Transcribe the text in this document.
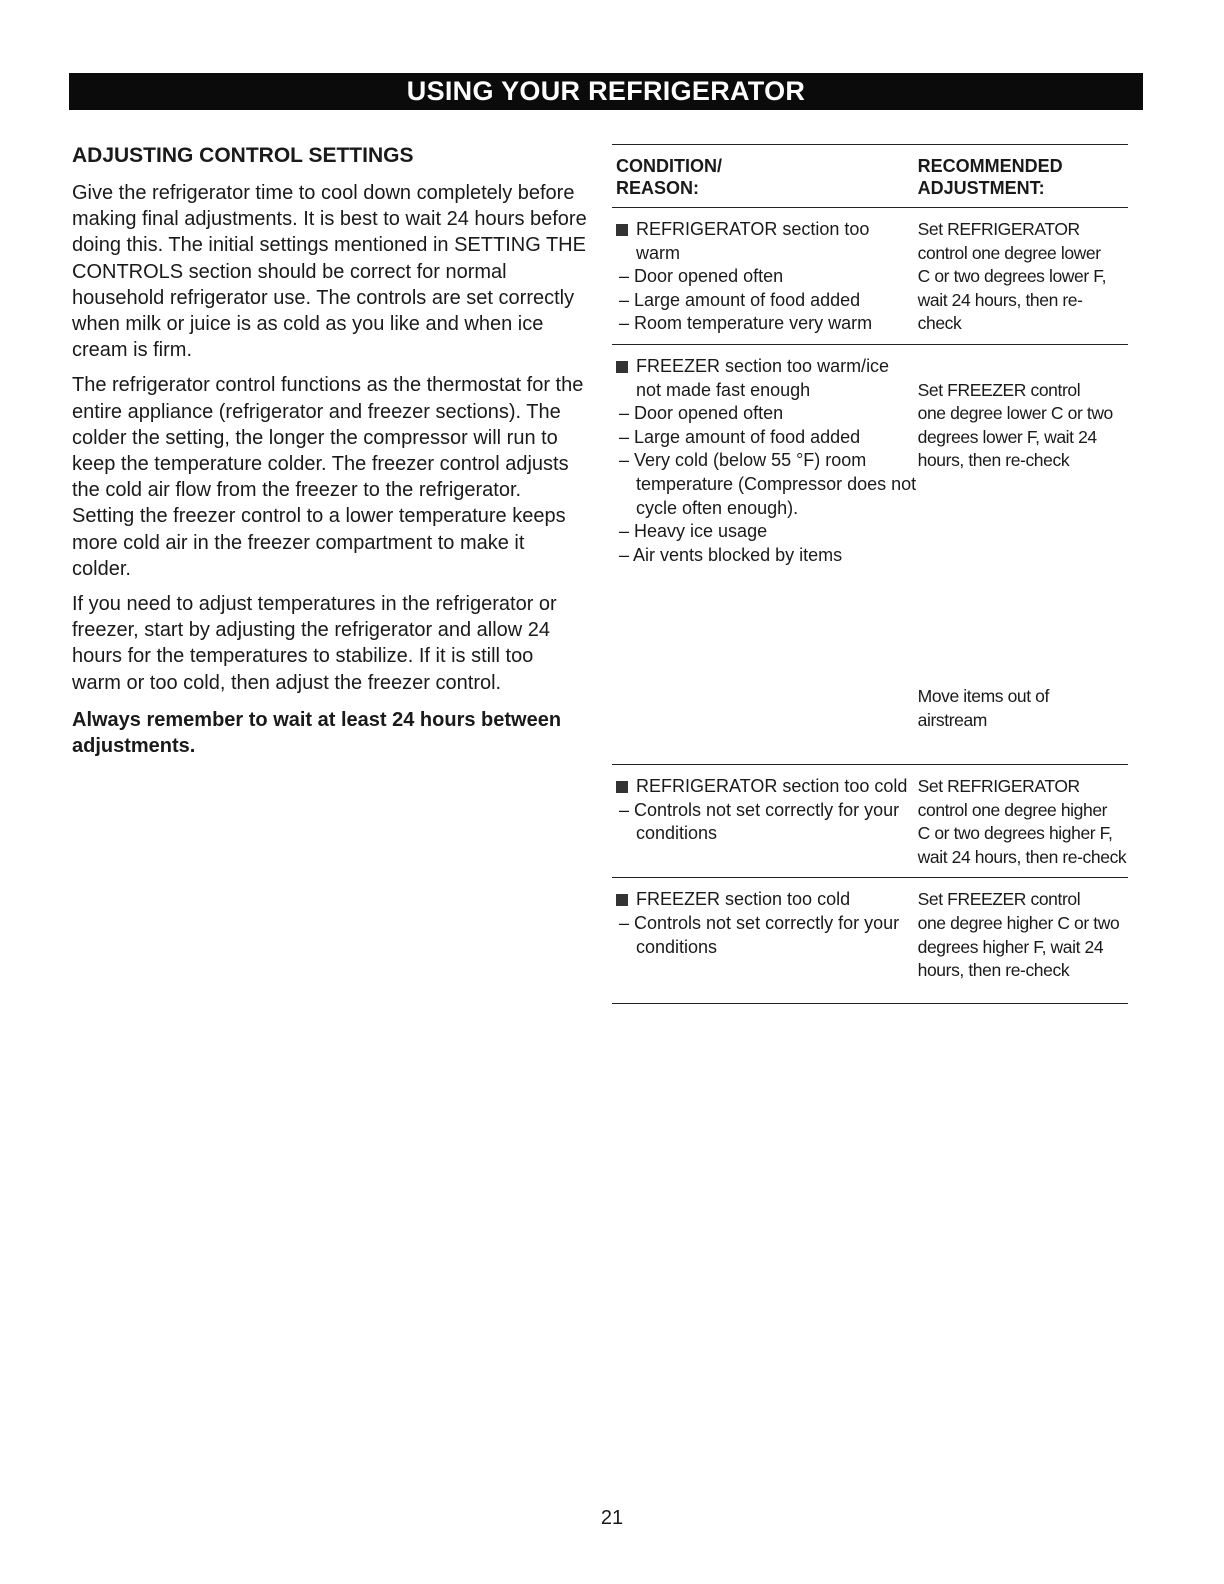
USING YOUR REFRIGERATOR
ADJUSTING CONTROL SETTINGS

Give the refrigerator time to cool down completely before making final adjustments. It is best to wait 24 hours before doing this. The initial settings mentioned in SETTING THE CONTROLS section should be correct for normal household refrigerator use. The controls are set correctly when milk or juice is as cold as you like and when ice cream is firm.

The refrigerator control functions as the thermostat for the entire appliance (refrigerator and freezer sections). The colder the setting, the longer the compressor will run to keep the temperature colder. The freezer control adjusts the cold air flow from the freezer to the refrigerator. Setting the freezer control to a lower temperature keeps more cold air in the freezer compartment to make it colder.

If you need to adjust temperatures in the refrigerator or freezer, start by adjusting the refrigerator and allow 24 hours for the temperatures to stabilize. If it is still too warm or too cold, then adjust the freezer control.

Always remember to wait at least 24 hours between adjustments.

CONDITION/
REASON:
RECOMMENDED
ADJUSTMENT:
REFRIGERATOR section too warm
– Door opened often
– Large amount of food added
– Room temperature very warm
Set REFRIGERATOR
control one degree lower
C or two degrees lower F,
wait 24 hours, then re-
check
FREEZER section too warm/ice not made fast enough
– Door opened often
– Large amount of food added
– Very cold (below 55 °F) room temperature (Compressor does not cycle often enough).
– Heavy ice usage
– Air vents blocked by items

Set FREEZER control
one degree lower C or two
degrees lower F, wait 24
hours, then re-check

Move items out of
airstream

REFRIGERATOR section too cold
– Controls not set correctly for your conditions
Set REFRIGERATOR
control one degree higher
C or two degrees higher F,
wait 24 hours, then re-check
FREEZER section too cold
– Controls not set correctly for your conditions
Set FREEZER control
one degree higher C or two
degrees higher F, wait 24
hours, then re-check
21
